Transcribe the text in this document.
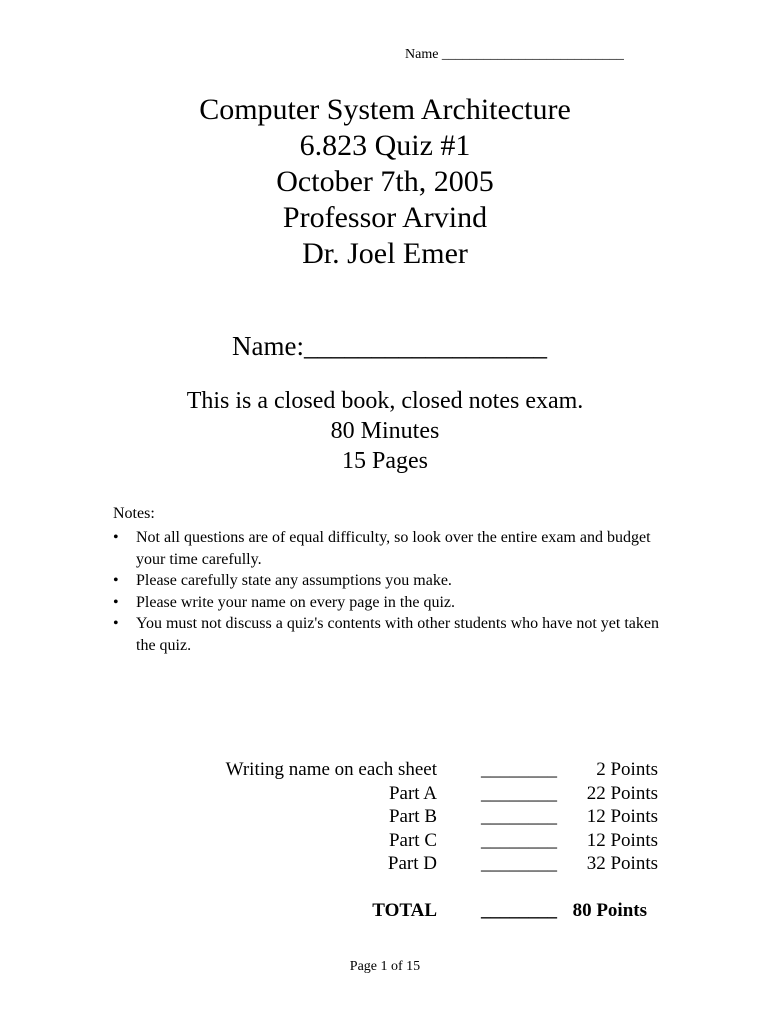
Name __________________________
Computer System Architecture
6.823 Quiz #1
October 7th, 2005
Professor Arvind
Dr. Joel Emer
Name:__________________
This is a closed book, closed notes exam.
80 Minutes
15 Pages
Notes:
• Not all questions are of equal difficulty, so look over the entire exam and budget your time carefully.
• Please carefully state any assumptions you make.
• Please write your name on every page in the quiz.
• You must not discuss a quiz's contents with other students who have not yet taken the quiz.
Writing name on each sheet	________	2 Points
Part A	________	22 Points
Part B	________	12 Points
Part C	________	12 Points
Part D	________	32 Points
TOTAL	________	80 Points
Page 1 of 15
